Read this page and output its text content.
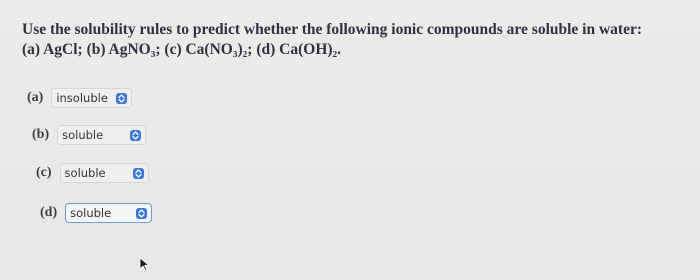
Use the solubility rules to predict whether the following ionic compounds are soluble in water:
(a) AgCl; (b) AgNO₃; (c) Ca(NO₃)₂; (d) Ca(OH)₂.
(a) insoluble
(b) soluble
(c) soluble
(d) soluble
